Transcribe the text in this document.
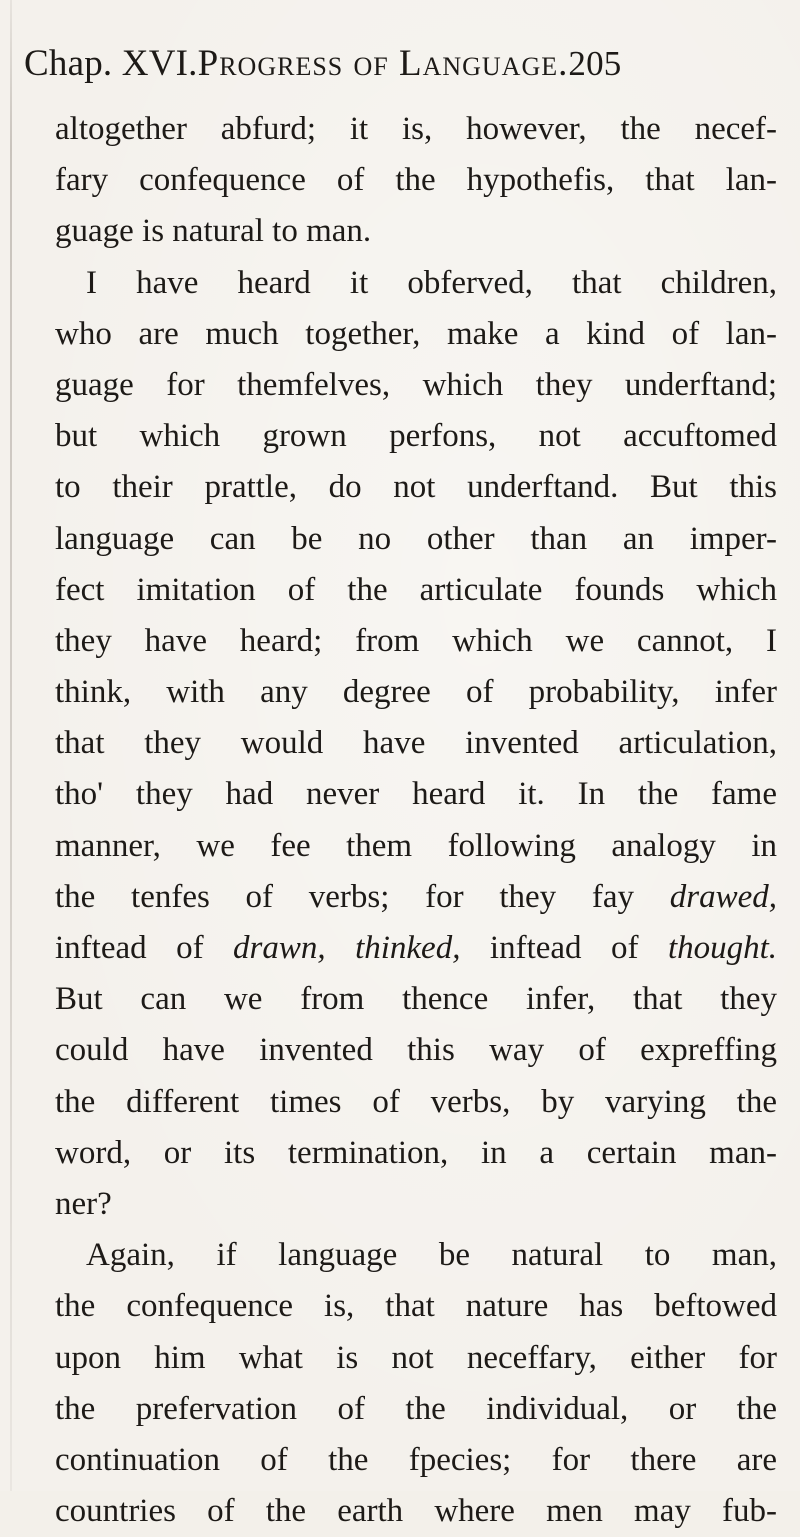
Chap. XVI.Progress of Language.205
altogether abfurd; it is, however, the necef-
fary confequence of the hypothefis, that lan-
guage is natural to man.
I have heard it obferved, that children,
who are much together, make a kind of lan-
guage for themfelves, which they underftand;
but which grown perfons, not accuftomed
to their prattle, do not underftand. But this
language can be no other than an imper-
fect imitation of the articulate founds which
they have heard; from which we cannot, I
think, with any degree of probability, infer
that they would have invented articulation,
tho' they had never heard it. In the fame
manner, we fee them following analogy in
the tenfes of verbs; for they fay drawed,
inftead of drawn, thinked, inftead of thought.
But can we from thence infer, that they
could have invented this way of expreffing
the different times of verbs, by varying the
word, or its termination, in a certain man-
ner?
Again, if language be natural to man,
the confequence is, that nature has beftowed
upon him what is not neceffary, either for
the prefervation of the individual, or the
continuation of the fpecies; for there are
countries of the earth where men may fub-
